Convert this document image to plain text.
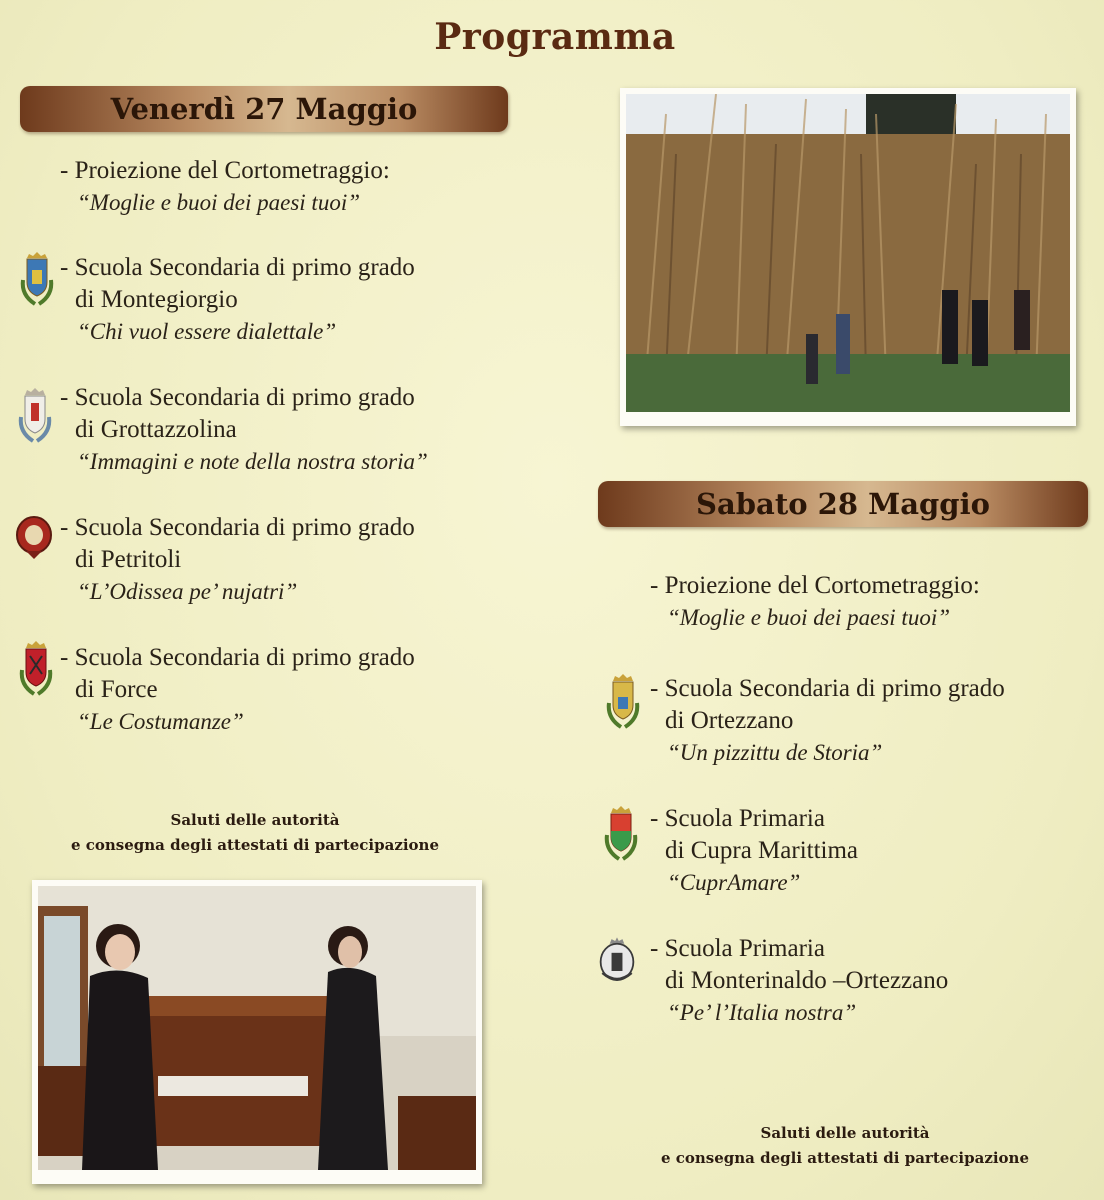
Programma
Venerdì 27 Maggio
- Proiezione del Cortometraggio:
“Moglie e buoi dei paesi tuoi”
- Scuola Secondaria di primo grado
di Montegiorgio
“Chi vuol essere dialettale”
- Scuola Secondaria di primo grado
di Grottazzolina
“Immagini e note della nostra storia”
- Scuola Secondaria di primo grado
di Petritoli
“L’Odissea pe’ nujatri”
- Scuola Secondaria di primo grado
di Force
“Le Costumanze”
Saluti delle autorità
e consegna degli attestati di partecipazione
Sabato 28 Maggio
- Proiezione del Cortometraggio:
“Moglie e buoi dei paesi tuoi”
- Scuola Secondaria di primo grado
di Ortezzano
“Un pizzittu de Storia”
- Scuola Primaria
di Cupra Marittima
“CuprAmare”
- Scuola Primaria
di Monterinaldo –Ortezzano
“Pe’ l’Italia nostra”
Saluti delle autorità
e consegna degli attestati di partecipazione
